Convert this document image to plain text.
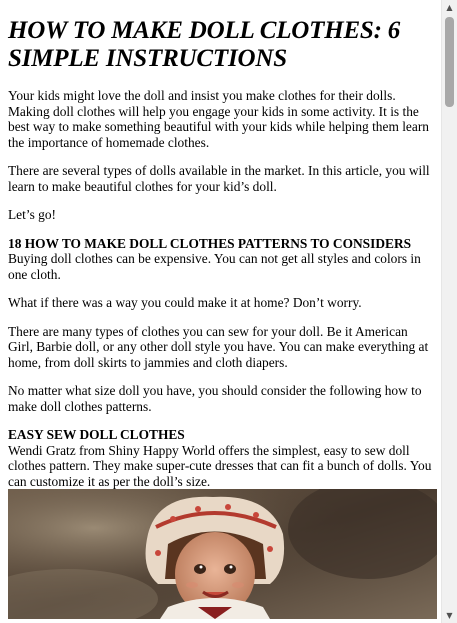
HOW TO MAKE DOLL CLOTHES: 6 SIMPLE INSTRUCTIONS

Your kids might love the doll and insist you make clothes for their dolls. Making doll clothes will help you engage your kids in some activity. It is the best way to make something beautiful with your kids while helping them learn the importance of homemade clothes.

There are several types of dolls available in the market. In this article, you will learn to make beautiful clothes for your kid’s doll.

Let’s go!

18 HOW TO MAKE DOLL CLOTHES PATTERNS TO CONSIDERS

Buying doll clothes can be expensive. You can not get all styles and colors in one cloth.

What if there was a way you could make it at home? Don’t worry.

There are many types of clothes you can sew for your doll. Be it American Girl, Barbie doll, or any other doll style you have. You can make everything at home, from doll skirts to jammies and cloth diapers.

No matter what size doll you have, you should consider the following how to make doll clothes patterns.

EASY SEW DOLL CLOTHES

Wendi Gratz from Shiny Happy World offers the simplest, easy to sew doll clothes pattern. They make super-cute dresses that can fit a bunch of dolls. You can customize it as per the doll’s size.

▲
▼
